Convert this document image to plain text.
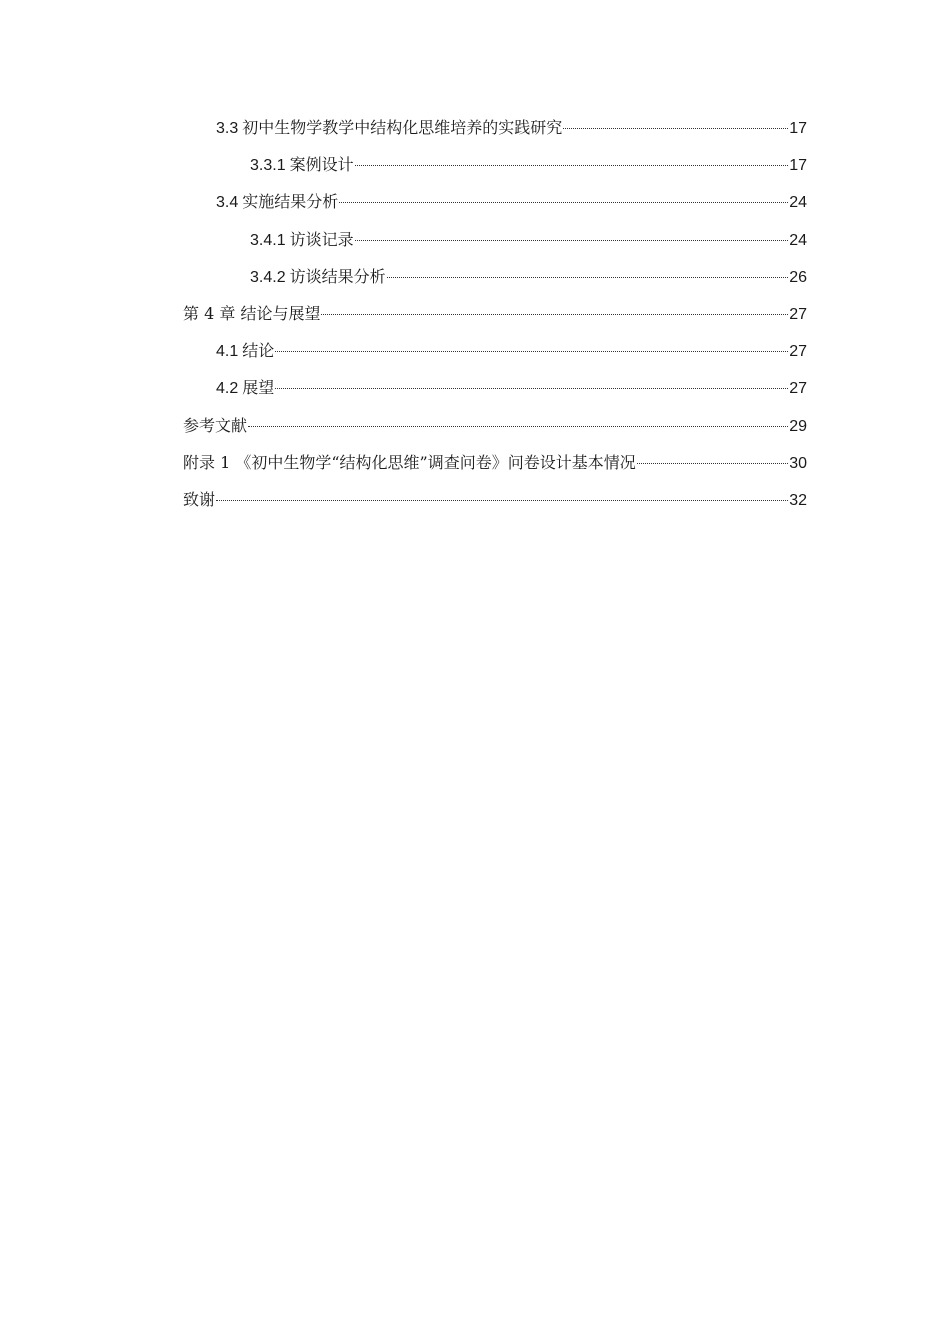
3.3 初中生物学教学中结构化思维培养的实践研究	17
3.3.1 案例设计	17
3.4 实施结果分析	24
3.4.1 访谈记录	24
3.4.2 访谈结果分析	26
第 4 章 结论与展望	27
4.1 结论	27
4.2 展望	27
参考文献	29
附录 1 《初中生物学“结构化思维”调查问卷》问卷设计基本情况	30
致谢	32
